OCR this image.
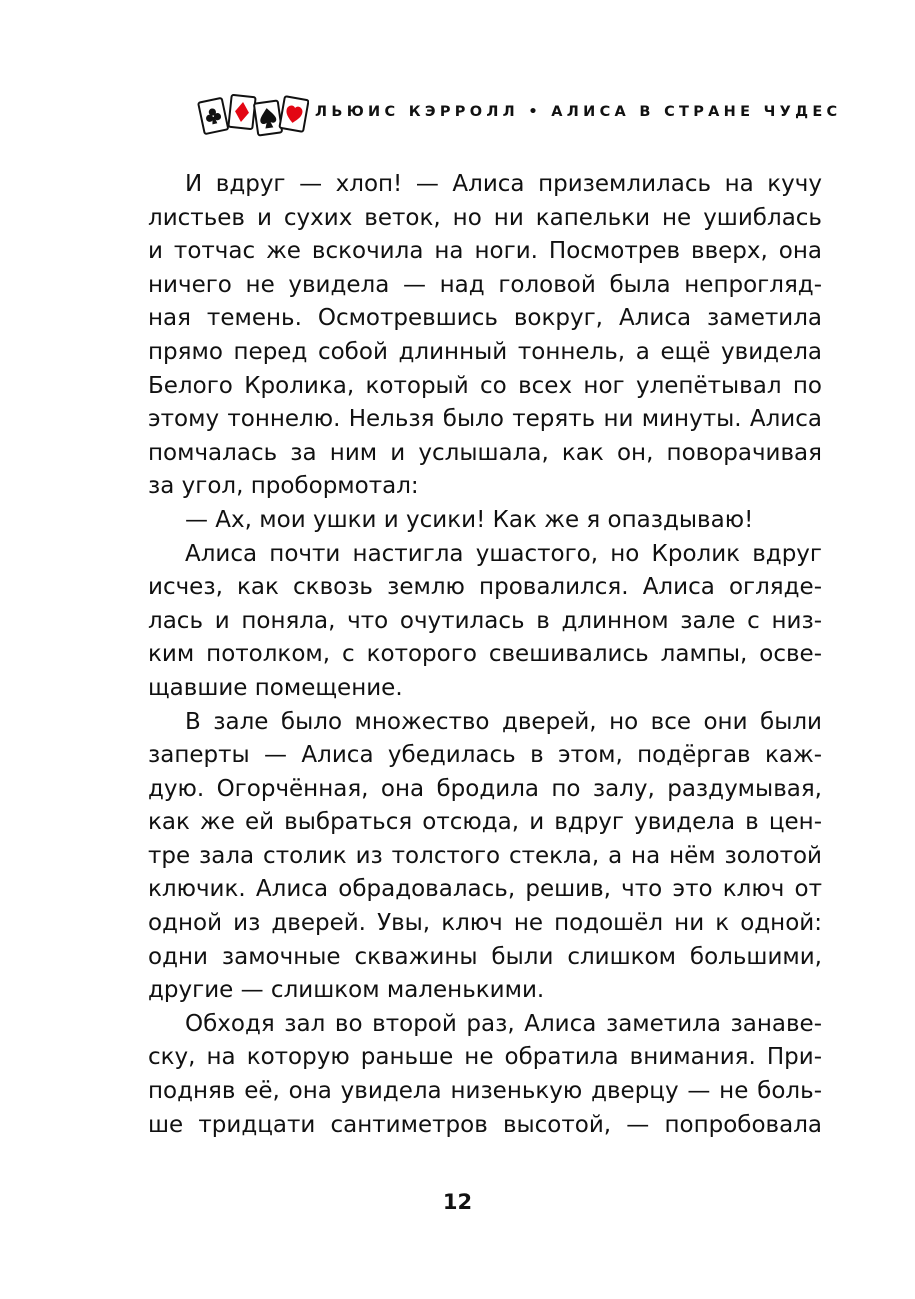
ЛЬЮИС КЭРРОЛЛ • АЛИСА В СТРАНЕ ЧУДЕС

И вдруг — хлоп! — Алиса приземлилась на кучу

листьев и сухих веток, но ни капельки не ушиблась

и тотчас же вскочила на ноги. Посмотрев вверх, она

ничего не увидела — над головой была непрогляд-

ная темень. Осмотревшись вокруг, Алиса заметила

прямо перед собой длинный тоннель, а ещё увидела

Белого Кролика, который со всех ног улепётывал по

этому тоннелю. Нельзя было терять ни минуты. Алиса

помчалась за ним и услышала, как он, поворачивая

за угол, пробормотал:

— Ах, мои ушки и усики! Как же я опаздываю!

Алиса почти настигла ушастого, но Кролик вдруг

исчез, как сквозь землю провалился. Алиса огляде-

лась и поняла, что очутилась в длинном зале с низ-

ким потолком, с которого свешивались лампы, осве-

щавшие помещение.

В зале было множество дверей, но все они были

заперты — Алиса убедилась в этом, подёргав каж-

дую. Огорчённая, она бродила по залу, раздумывая,

как же ей выбраться отсюда, и вдруг увидела в цен-

тре зала столик из толстого стекла, а на нём золотой

ключик. Алиса обрадовалась, решив, что это ключ от

одной из дверей. Увы, ключ не подошёл ни к одной:

одни замочные скважины были слишком большими,

другие — слишком маленькими.

Обходя зал во второй раз, Алиса заметила занаве-

ску, на которую раньше не обратила внимания. При-

подняв её, она увидела низенькую дверцу — не боль-

ше тридцати сантиметров высотой, — попробовала

12
